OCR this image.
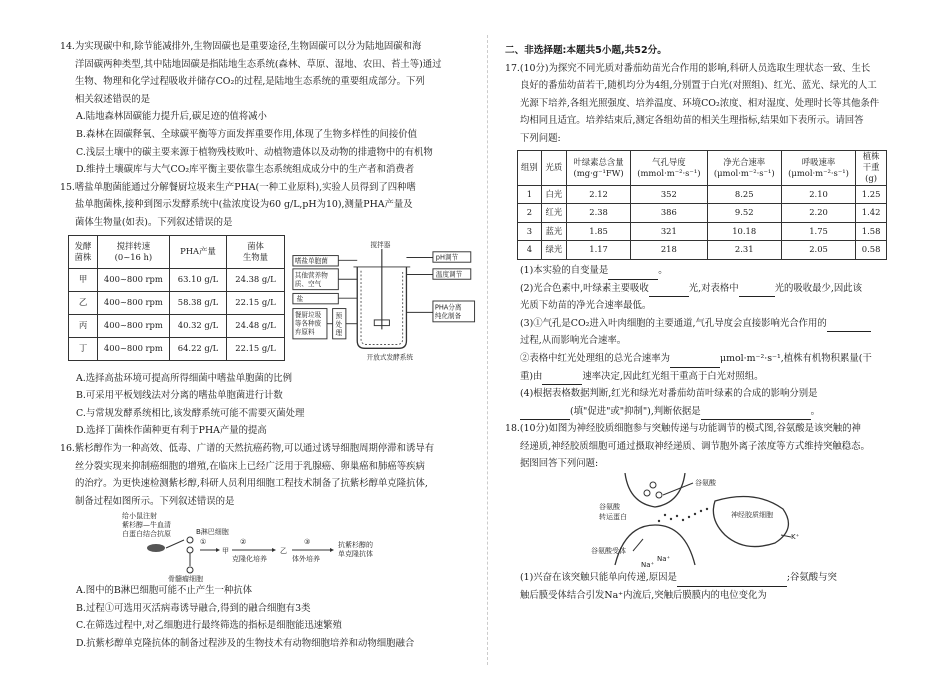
14.为实现碳中和,除节能减排外,生物固碳也是重要途径,生物固碳可以分为陆地固碳和海

洋固碳两种类型,其中陆地固碳是指陆地生态系统(森林、草原、湿地、农田、苔土等)通过

生物、物理和化学过程吸收并储存CO₂的过程,是陆地生态系统的重要组成部分。下列

相关叙述错误的是

A.陆地森林固碳能力提升后,碳足迹的值将减小

B.森林在固碳释氧、全球碳平衡等方面发挥重要作用,体现了生物多样性的间接价值

C.浅层土壤中的碳主要来源于植物残枝败叶、动植物遗体以及动物的排遗物中的有机物

D.维持土壤碳库与大气CO₂库平衡主要依靠生态系统组成成分中的生产者和消费者

15.嗜盐单胞菌能通过分解餐厨垃圾来生产PHA(一种工业原料),实验人员得到了四种嗜

盐单胞菌株,接种到图示发酵系统中(盐浓度设为60 g/L,pH为10),测量PHA产量及

菌体生物量(如表)。下列叙述错误的是

发酵
菌株	搅拌转速
(0~16 h)	PHA产量	菌体
生物量
甲	400~800 rpm	63.10 g/L	24.38 g/L
乙	400~800 rpm	58.38 g/L	22.15 g/L
丙	400~800 rpm	40.32 g/L	24.48 g/L
丁	400~800 rpm	64.22 g/L	22.15 g/L
搅拌器
嗜盐单胞菌
其他营养物
质、空气
盐
餐厨垃圾
等各种废
弃原料
预
处
理
pH调节
温度调节
PHA分离
纯化制备
开放式发酵系统

A.选择高盐环境可提高所得细菌中嗜盐单胞菌的比例

B.可采用平板划线法对分离的嗜盐单胞菌进行计数

C.与常规发酵系统相比,该发酵系统可能不需要灭菌处理

D.选择丁菌株作菌种更有利于PHA产量的提高

16.紫杉醇作为一种高效、低毒、广谱的天然抗癌药物,可以通过诱导细胞周期停滞和诱导有

丝分裂实现来抑制癌细胞的增殖,在临床上已经广泛用于乳腺癌、卵巢癌和肺癌等疾病

的治疗。为更快速检测紫杉醇,科研人员利用细胞工程技术制备了抗紫杉醇单克隆抗体,

制备过程如图所示。下列叙述错误的是

给小鼠注射
紫杉醇—牛血清
白蛋白结合抗原	B淋巴细胞
骨髓瘤细胞
①
甲
②
克隆化培养
乙
③
体外培养
抗紫杉醇的
单克隆抗体

A.图中的B淋巴细胞可能不止产生一种抗体

B.过程①可选用灭活病毒诱导融合,得到的融合细胞有3类

C.在筛选过程中,对乙细胞进行最终筛选的指标是细胞能迅速繁殖

D.抗紫杉醇单克隆抗体的制备过程涉及的生物技术有动物细胞培养和动物细胞融合

二、非选择题:本题共5小题,共52分。

17.(10分)为探究不同光质对番茄幼苗光合作用的影响,科研人员选取生理状态一致、生长

良好的番茄幼苗若干,随机均分为4组,分别置于白光(对照组)、红光、蓝光、绿光的人工

光源下培养,各组光照强度、培养温度、环境CO₂浓度、相对湿度、处理时长等其他条件

均相同且适宜。培养结束后,测定各组幼苗的相关生理指标,结果如下表所示。请回答

下列问题:

组别	光质	叶绿素总含量
(mg·g⁻¹FW)	气孔导度
(mmol·m⁻²·s⁻¹)	净光合速率
(μmol·m⁻²·s⁻¹)	呼吸速率
(μmol·m⁻²·s⁻¹)	植株
干重(g)
1	白光	2.12	352	8.25	2.10	1.25
2	红光	2.38	386	9.52	2.20	1.42
3	蓝光	1.85	321	10.18	1.75	1.58
4	绿光	1.17	218	2.31	2.05	0.58

(1)本实验的自变量是	。

(2)光合色素中,叶绿素主要吸收	光,对表格中	光的吸收最少,因此该

光质下幼苗的净光合速率最低。

(3)①气孔是CO₂进入叶肉细胞的主要通道,气孔导度会直接影响光合作用的

过程,从而影响光合速率。

②表格中红光处理组的总光合速率为	μmol·m⁻²·s⁻¹,植株有机物积累量(干

重)由	速率决定,因此红光组干重高于白光对照组。

(4)根据表格数据判断,红光和绿光对番茄幼苗叶绿素的合成的影响分别是

(填"促进"或"抑制"),判断依据是	。

18.(10分)如图为神经胶质细胞参与突触传递与功能调节的模式图,谷氨酸是该突触的神

经递质,神经胶质细胞可通过摄取神经递质、调节胞外离子浓度等方式维持突触稳态。

据图回答下列问题:

谷氨酸
谷氨酸
转运蛋白	神经胶质细胞
K⁺
谷氨酸受体
Na⁺
Na⁺

(1)兴奋在该突触只能单向传递,原因是	;谷氨酸与突

触后膜受体结合引发Na⁺内流后,突触后膜膜内的电位变化为
